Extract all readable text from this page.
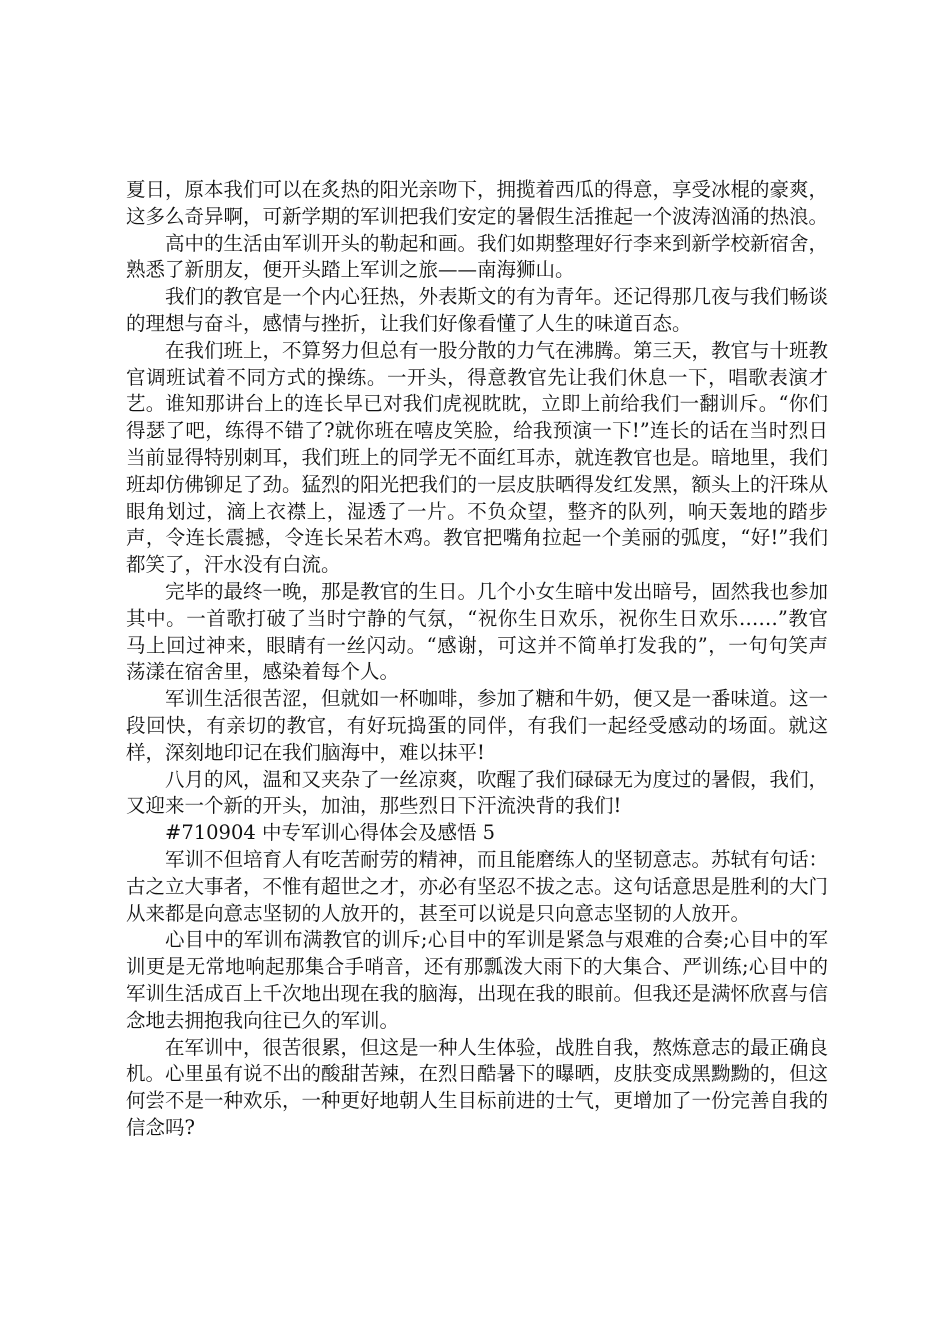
夏日，原本我们可以在炙热的阳光亲吻下，拥揽着西瓜的得意，享受冰棍的豪爽，这多么奇异啊，可新学期的军训把我们安定的暑假生活推起一个波涛汹涌的热浪。

高中的生活由军训开头的勒起和画。我们如期整理好行李来到新学校新宿舍，熟悉了新朋友，便开头踏上军训之旅——南海狮山。

我们的教官是一个内心狂热，外表斯文的有为青年。还记得那几夜与我们畅谈的理想与奋斗，感情与挫折，让我们好像看懂了人生的味道百态。

在我们班上，不算努力但总有一股分散的力气在沸腾。第三天，教官与十班教官调班试着不同方式的操练。一开头，得意教官先让我们休息一下，唱歌表演才艺。谁知那讲台上的连长早已对我们虎视眈眈，立即上前给我们一翻训斥。“你们得瑟了吧，练得不错了?就你班在嘻皮笑脸，给我预演一下!”连长的话在当时烈日当前显得特别刺耳，我们班上的同学无不面红耳赤，就连教官也是。暗地里，我们班却仿佛铆足了劲。猛烈的阳光把我们的一层皮肤晒得发红发黑，额头上的汗珠从眼角划过，滴上衣襟上，湿透了一片。不负众望，整齐的队列，响天轰地的踏步声，令连长震撼，令连长呆若木鸡。教官把嘴角拉起一个美丽的弧度，“好!”我们都笑了，汗水没有白流。

完毕的最终一晚，那是教官的生日。几个小女生暗中发出暗号，固然我也参加其中。一首歌打破了当时宁静的气氛，“祝你生日欢乐，祝你生日欢乐……”教官马上回过神来，眼睛有一丝闪动。“感谢，可这并不简单打发我的”，一句句笑声荡漾在宿舍里，感染着每个人。

军训生活很苦涩，但就如一杯咖啡，参加了糖和牛奶，便又是一番味道。这一段回快，有亲切的教官，有好玩捣蛋的同伴，有我们一起经受感动的场面。就这样，深刻地印记在我们脑海中，难以抹平!

八月的风，温和又夹杂了一丝凉爽，吹醒了我们碌碌无为度过的暑假，我们，又迎来一个新的开头，加油，那些烈日下汗流泱背的我们!

#710904 中专军训心得体会及感悟 5

军训不但培育人有吃苦耐劳的精神，而且能磨练人的坚韧意志。苏轼有句话：古之立大事者，不惟有超世之才，亦必有坚忍不拔之志。这句话意思是胜利的大门从来都是向意志坚韧的人放开的，甚至可以说是只向意志坚韧的人放开。

心目中的军训布满教官的训斥;心目中的军训是紧急与艰难的合奏;心目中的军训更是无常地响起那集合手哨音，还有那瓢泼大雨下的大集合、严训练;心目中的军训生活成百上千次地出现在我的脑海，出现在我的眼前。但我还是满怀欣喜与信念地去拥抱我向往已久的军训。

在军训中，很苦很累，但这是一种人生体验，战胜自我，熬炼意志的最正确良机。心里虽有说不出的酸甜苦辣，在烈日酷暑下的曝晒，皮肤变成黑黝黝的，但这何尝不是一种欢乐，一种更好地朝人生目标前进的士气，更增加了一份完善自我的信念吗?
